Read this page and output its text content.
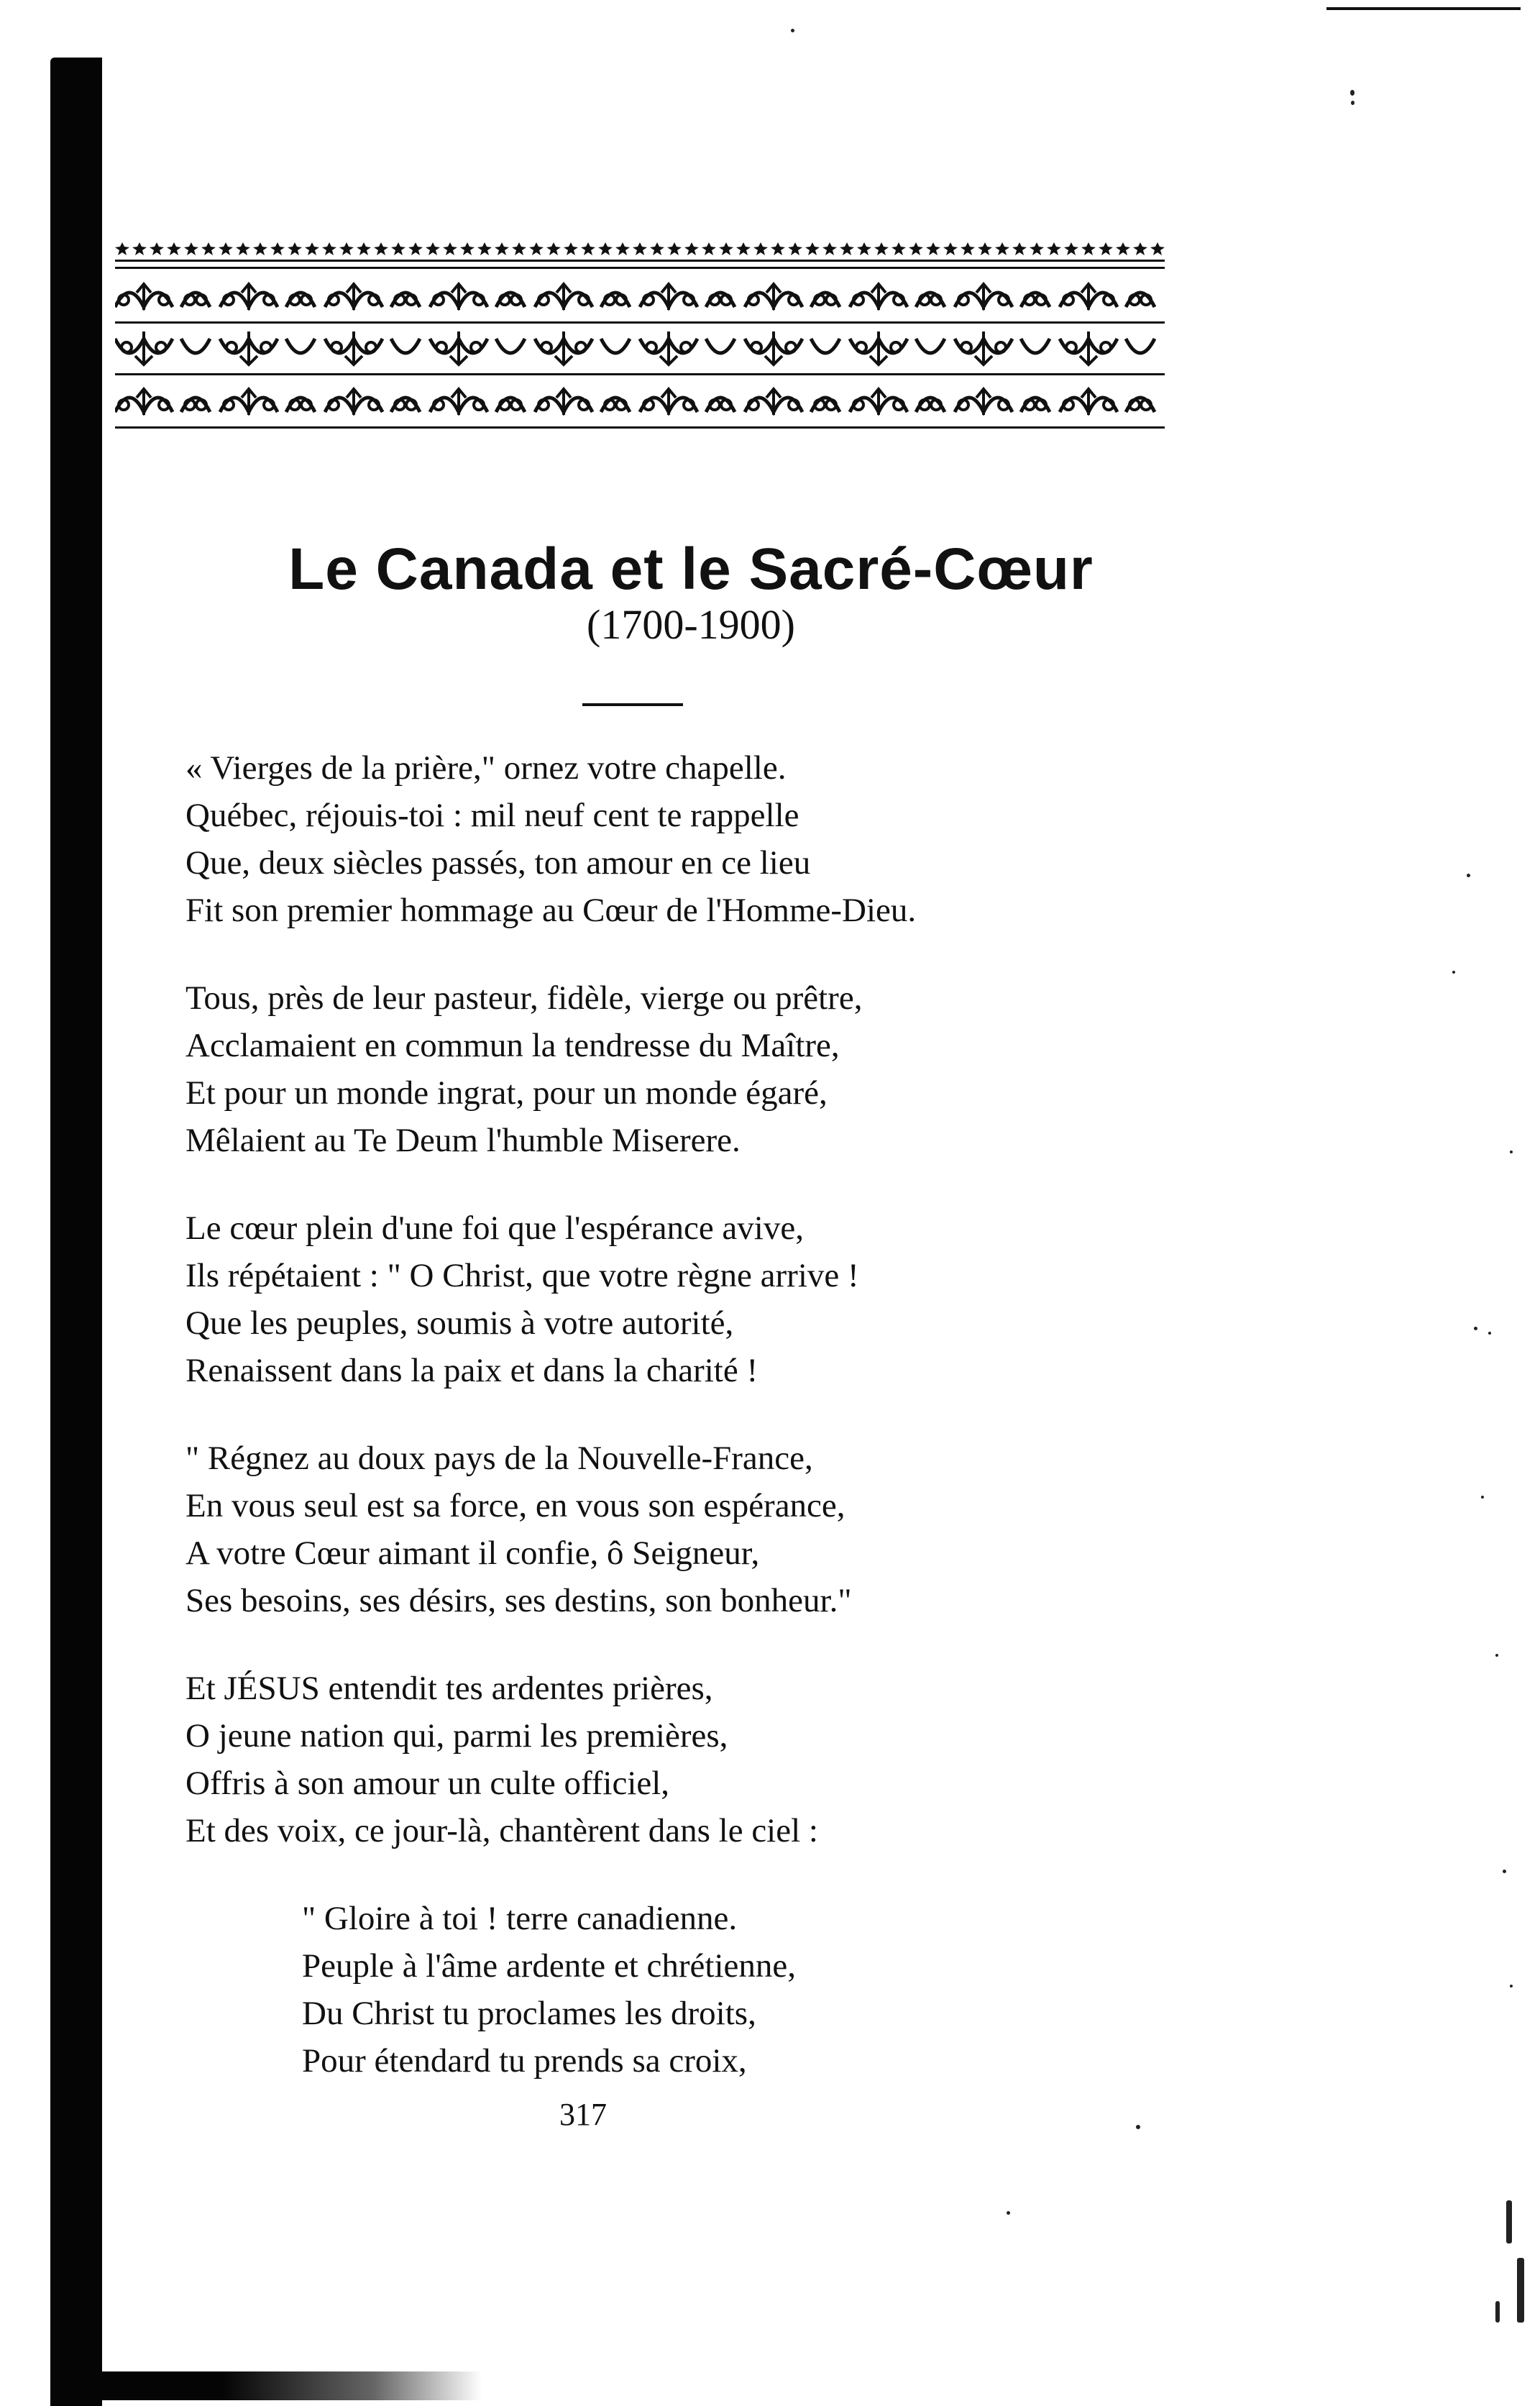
Le Canada et le Sacré-Cœur
(1700-1900)
« Vierges de la prière," ornez votre chapelle.
Québec, réjouis-toi : mil neuf cent te rappelle
Que, deux siècles passés, ton amour en ce lieu
Fit son premier hommage au Cœur de l'Homme-Dieu.
Tous, près de leur pasteur, fidèle, vierge ou prêtre,
Acclamaient en commun la tendresse du Maître,
Et pour un monde ingrat, pour un monde égaré,
Mêlaient au Te Deum l'humble Miserere.
Le cœur plein d'une foi que l'espérance avive,
Ils répétaient : " O Christ, que votre règne arrive !
Que les peuples, soumis à votre autorité,
Renaissent dans la paix et dans la charité !
" Régnez au doux pays de la Nouvelle-France,
En vous seul est sa force, en vous son espérance,
A votre Cœur aimant il confie, ô Seigneur,
Ses besoins, ses désirs, ses destins, son bonheur."
Et JÉSUS entendit tes ardentes prières,
O jeune nation qui, parmi les premières,
Offris à son amour un culte officiel,
Et des voix, ce jour-là, chantèrent dans le ciel :
" Gloire à toi ! terre canadienne.
Peuple à l'âme ardente et chrétienne,
Du Christ tu proclames les droits,
Pour étendard tu prends sa croix,
317
